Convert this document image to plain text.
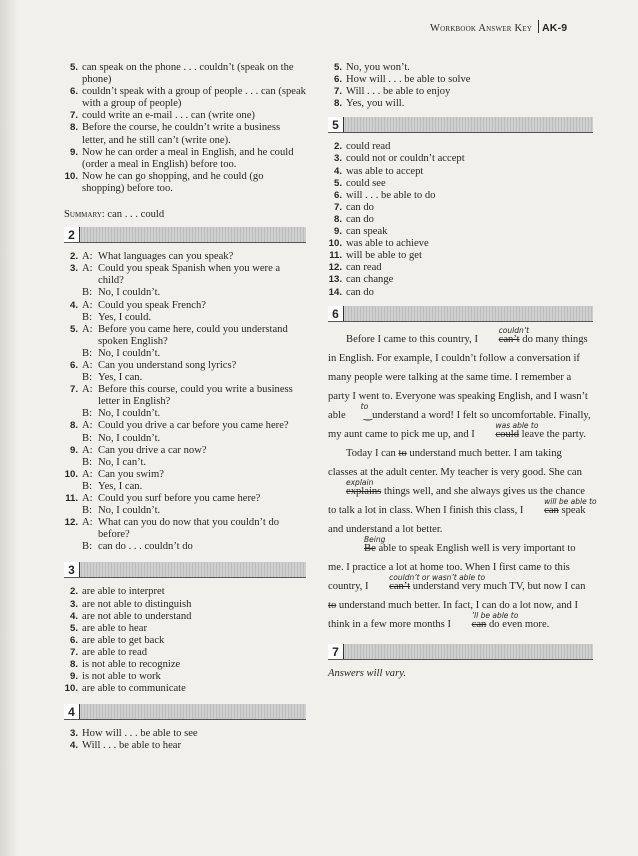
Workbook Answer Key AK-9
5. can speak on the phone . . . couldn’t (speak on the phone)
6. couldn’t speak with a group of people . . . can (speak with a group of people)
7. could write an e-mail . . . can (write one)
8. Before the course, he couldn’t write a business letter, and he still can’t (write one).
9. Now he can order a meal in English, and he could (order a meal in English) before too.
10. Now he can go shopping, and he could (go shopping) before too.
Summary: can . . . could
2
2. A: What languages can you speak?
3. A: Could you speak Spanish when you were a child?
B: No, I couldn’t.
4. A: Could you speak French?
B: Yes, I could.
5. A: Before you came here, could you understand spoken English?
B: No, I couldn’t.
6. A: Can you understand song lyrics?
B: Yes, I can.
7. A: Before this course, could you write a business letter in English?
B: No, I couldn’t.
8. A: Could you drive a car before you came here?
B: No, I couldn’t.
9. A: Can you drive a car now?
B: No, I can’t.
10. A: Can you swim?
B: Yes, I can.
11. A: Could you surf before you came here?
B: No, I couldn’t.
12. A: What can you do now that you couldn’t do before?
B: can do . . . couldn’t do
3
2. are able to interpret
3. are not able to distinguish
4. are not able to understand
5. are able to hear
6. are able to get back
7. are able to read
8. is not able to recognize
9. is not able to work
10. are able to communicate
4
3. How will . . . be able to see
4. Will . . . be able to hear
5. No, you won’t.
6. How will . . . be able to solve
7. Will . . . be able to enjoy
8. Yes, you will.
5
2. could read
3. could not or couldn’t accept
4. was able to accept
5. could see
6. will . . . be able to do
7. can do
8. can do
9. can speak
10. was able to achieve
11. will be able to get
12. can read
13. can change
14. can do
6
Before I came to this country, I
couldn’t
can’t do many things in English. For example, I couldn’t follow a conversation if many people were talking at the same time. I remember a party I went to. Everyone was speaking English, and I wasn’t able
to
‿understand a word! I felt so uncomfortable. Finally, my aunt came to pick me up, and I
was able to
could leave the party.
Today I can to understand much better. I am taking classes at the adult center. My teacher is very good. She can
explain
explains things well, and she always gives us the chance to talk a lot in class. When I finish this class, I
will be able to
can speak and understand a lot better.
Being
Be able to speak English well is very important to me. I practice a lot at home too. When I first came to this country, I
couldn’t or wasn’t able to
can’t understand very much TV, but now I can to understand much better. In fact, I can do a lot now, and I think in a few more months I
’ll be able to
can do even more.
7
Answers will vary.
